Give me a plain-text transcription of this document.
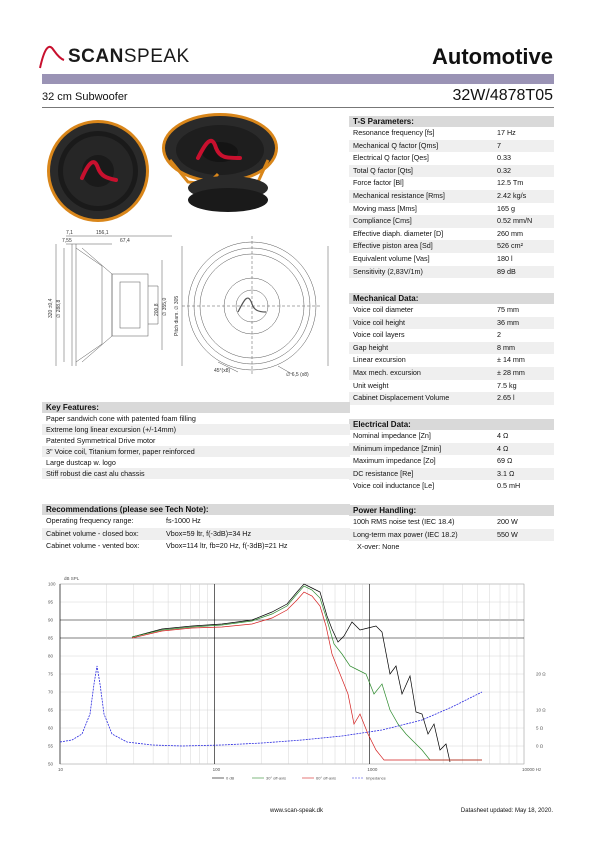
SCANSPEAK	Automotive
32 cm Subwoofer	32W/4878T05
7,1	156,1
7,55	67,4
320 ±0,4 ∅ 288,8	200,8 ∅ 355,0 Pitch diam. ∅ 305
45°(x8)
∅ 6,5 (x8)
T-S Parameters:
Resonance frequency [fs]	17 Hz
Mechanical Q factor [Qms]	7
Electrical Q factor [Qes]	0.33
Total Q factor [Qts]	0.32
Force factor [Bl]	12.5 Tm
Mechanical resistance [Rms]	2.42 kg/s
Moving mass [Mms]	165 g
Compliance [Cms]	0.52 mm/N
Effective diaph. diameter [D]	260 mm
Effective piston area [Sd]	526 cm²
Equivalent volume [Vas]	180 l
Sensitivity (2,83V/1m)	89 dB
Mechanical Data:
Voice coil diameter	75 mm
Voice coil height	36 mm
Voice coil layers	2
Gap height	8 mm
Linear excursion	± 14 mm
Max mech. excursion	± 28 mm
Unit weight	7.5 kg
Cabinet Displacement Volume	2.65 l
Electrical Data:
Nominal impedance [Zn]	4 Ω
Minimum impedance [Zmin]	4 Ω
Maximum impedance [Zo]	69 Ω
DC resistance [Re]	3.1 Ω
Voice coil inductance [Le]	0.5 mH
Power Handling:
100h RMS noise test (IEC 18.4)	200 W
Long-term max power (IEC 18.2)	550 W
X-over: None
Key Features:
Paper sandwich cone with patented foam filling
Extreme long linear excursion (+/-14mm)
Patented Symmetrical Drive motor
3" Voice coil, Titanium former, paper reinforced
Large dustcap w. logo
Stiff robust die cast alu chassis
Recommendations (please see Tech Note):
Operating frequency range:	fs-1000 Hz
Cabinet volume - closed box:	Vbox=59 ltr, f(-3dB)=34 Hz
Cabinet volume - vented box:	Vbox=114 ltr, fb=20 Hz, f(-3dB)=21 Hz
100
95
90
85
80
75	20 Ω
70
65	10 Ω
60	5 Ω
55	0 Ω
50
10	100	1000	10000 Hz
dB SPL
0 dB	30° off-axis	60° off-axis	Impedance
www.scan-speak.dk	Datasheet updated: May 18, 2020.
